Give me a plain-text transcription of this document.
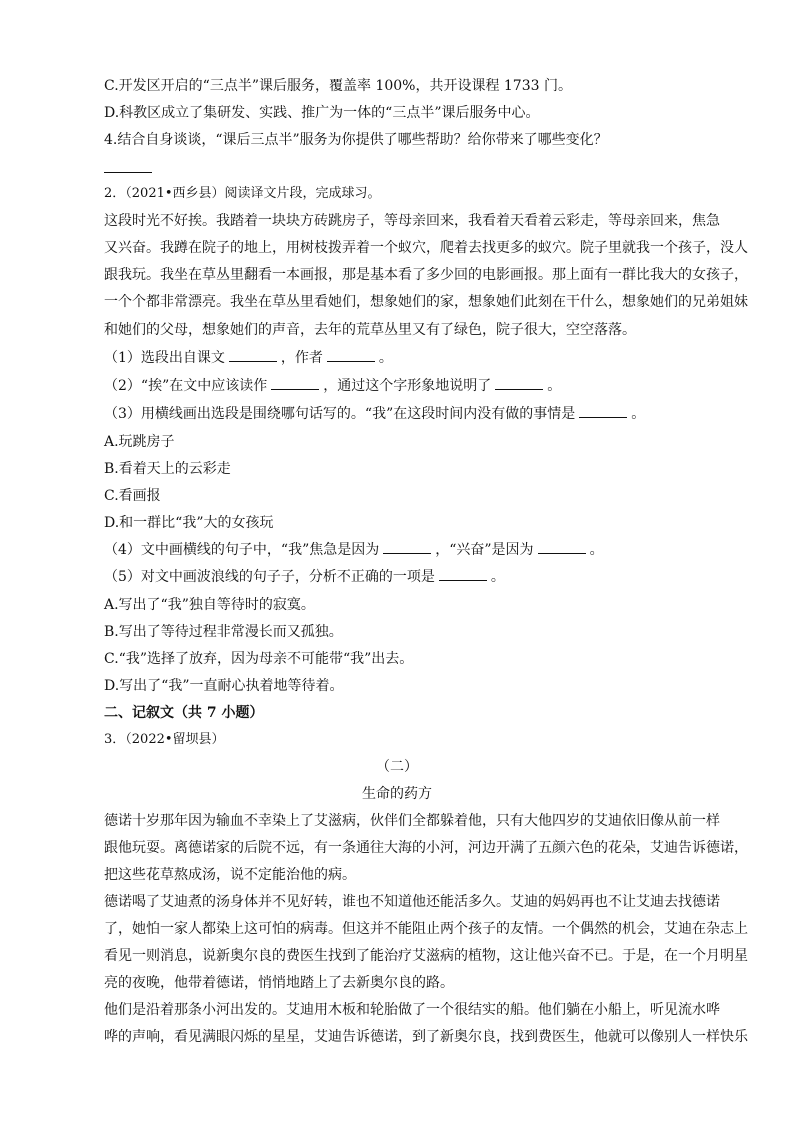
C.开发区开启的“三点半”课后服务，覆盖率 100%，共开设课程 1733 门。
D.科教区成立了集研发、实践、推广为一体的“三点半”课后服务中心。
4.结合自身谈谈，“课后三点半”服务为你提供了哪些帮助？给你带来了哪些变化？
2．（2021•西乡县）阅读译文片段，完成球习。
这段时光不好挨。我踏着一块块方砖跳房子，等母亲回来，我看着天看着云彩走，等母亲回来，焦急
又兴奋。我蹲在院子的地上，用树枝拨弄着一个蚁穴，爬着去找更多的蚁穴。院子里就我一个孩子，没人
跟我玩。我坐在草丛里翻看一本画报，那是基本看了多少回的电影画报。那上面有一群比我大的女孩子，
一个个都非常漂亮。我坐在草丛里看她们，想象她们的家，想象她们此刻在干什么，想象她们的兄弟姐妹
和她们的父母，想象她们的声音，去年的荒草丛里又有了绿色，院子很大，空空落落。
（1）选段出自课文	，作者	。
（2）“挨”在文中应该读作	，通过这个字形象地说明了	。
（3）用横线画出选段是围绕哪句话写的。“我”在这段时间内没有做的事情是	。
A.玩跳房子
B.看着天上的云彩走
C.看画报
D.和一群比“我”大的女孩玩
（4）文中画横线的句子中，“我”焦急是因为	，“兴奋”是因为	。
（5）对文中画波浪线的句子子，分析不正确的一项是	。
A.写出了“我”独自等待时的寂寞。
B.写出了等待过程非常漫长而又孤独。
C.“我”选择了放弃，因为母亲不可能带“我”出去。
D.写出了“我”一直耐心执着地等待着。
二、记叙文（共 7 小题）
3．（2022•留坝县）
（二）
生命的药方
德诺十岁那年因为输血不幸染上了艾滋病，伙伴们全都躲着他，只有大他四岁的艾迪依旧像从前一样
跟他玩耍。离德诺家的后院不远，有一条通往大海的小河，河边开满了五颜六色的花朵，艾迪告诉德诺，
把这些花草熬成汤，说不定能治他的病。
德诺喝了艾迪煮的汤身体并不见好转，谁也不知道他还能活多久。艾迪的妈妈再也不让艾迪去找德诺
了，她怕一家人都染上这可怕的病毒。但这并不能阻止两个孩子的友情。一个偶然的机会，艾迪在杂志上
看见一则消息，说新奥尔良的费医生找到了能治疗艾滋病的植物，这让他兴奋不已。于是，在一个月明星
亮的夜晚，他带着德诺，悄悄地踏上了去新奥尔良的路。
他们是沿着那条小河出发的。艾迪用木板和轮胎做了一个很结实的船。他们躺在小船上，听见流水哗
哗的声响，看见满眼闪烁的星星，艾迪告诉德诺，到了新奥尔良，找到费医生，他就可以像别人一样快乐
